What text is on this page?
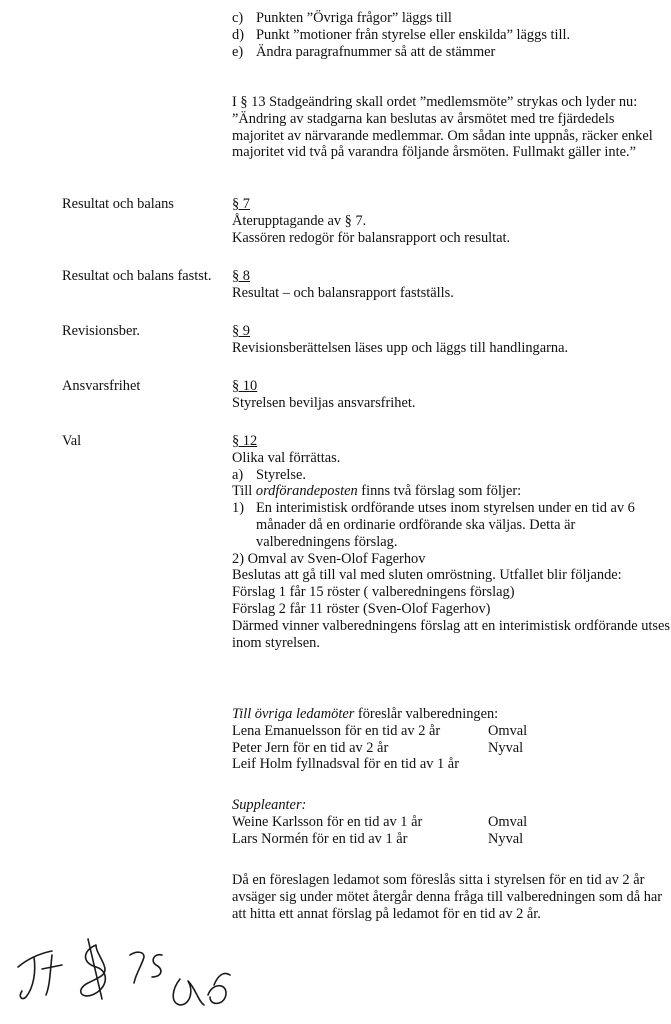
c) Punkten ”Övriga frågor” läggs till
d) Punkt ”motioner från styrelse eller enskilda” läggs till.
e) Ändra paragrafnummer så att de stämmer
I § 13 Stadgeändring skall ordet ”medlemsmöte” strykas och lyder nu: ”Ändring av stadgarna kan beslutas av årsmötet med tre fjärdedels majoritet av närvarande medlemmar. Om sådan inte uppnås, räcker enkel majoritet vid två på varandra följande årsmöten. Fullmakt gäller inte.”
Resultat och balans	§ 7
Återupptagande av § 7.
Kassören redogör för balansrapport och resultat.
Resultat och balans fastst.	§ 8
Resultat – och balansrapport fastställs.
Revisionsber.	§ 9
Revisionsberättelsen läses upp och läggs till handlingarna.
Ansvarsfrihet	§ 10
Styrelsen beviljas ansvarsfrihet.
Val	§ 12
Olika val förrättas.
a) Styrelse.
Till ordförandeposten finns två förslag som följer:
1) En interimistisk ordförande utses inom styrelsen under en tid av 6 månader då en ordinarie ordförande ska väljas. Detta är valberedningens förslag.
2) Omval av Sven-Olof Fagerhov
Beslutas att gå till val med sluten omröstning. Utfallet blir följande:
Förslag 1 får 15 röster ( valberedningens förslag)
Förslag 2 får 11 röster (Sven-Olof Fagerhov)
Därmed vinner valberedningens förslag att en interimistisk ordförande utses inom styrelsen.
Till övriga ledamöter föreslår valberedningen:
Lena Emanuelsson för en tid av 2 år	Omval
Peter Jern för en tid av 2 år	Nyval
Leif Holm fyllnadsval för en tid av 1 år
Suppleanter:
Weine Karlsson för en tid av 1 år	Omval
Lars Normén för en tid av 1 år	Nyval
Då en föreslagen ledamot som föreslås sitta i styrelsen för en tid av 2 år avsäger sig under mötet återgår denna fråga till valberedningen som då har att hitta ett annat förslag på ledamot för en tid av 2 år.
